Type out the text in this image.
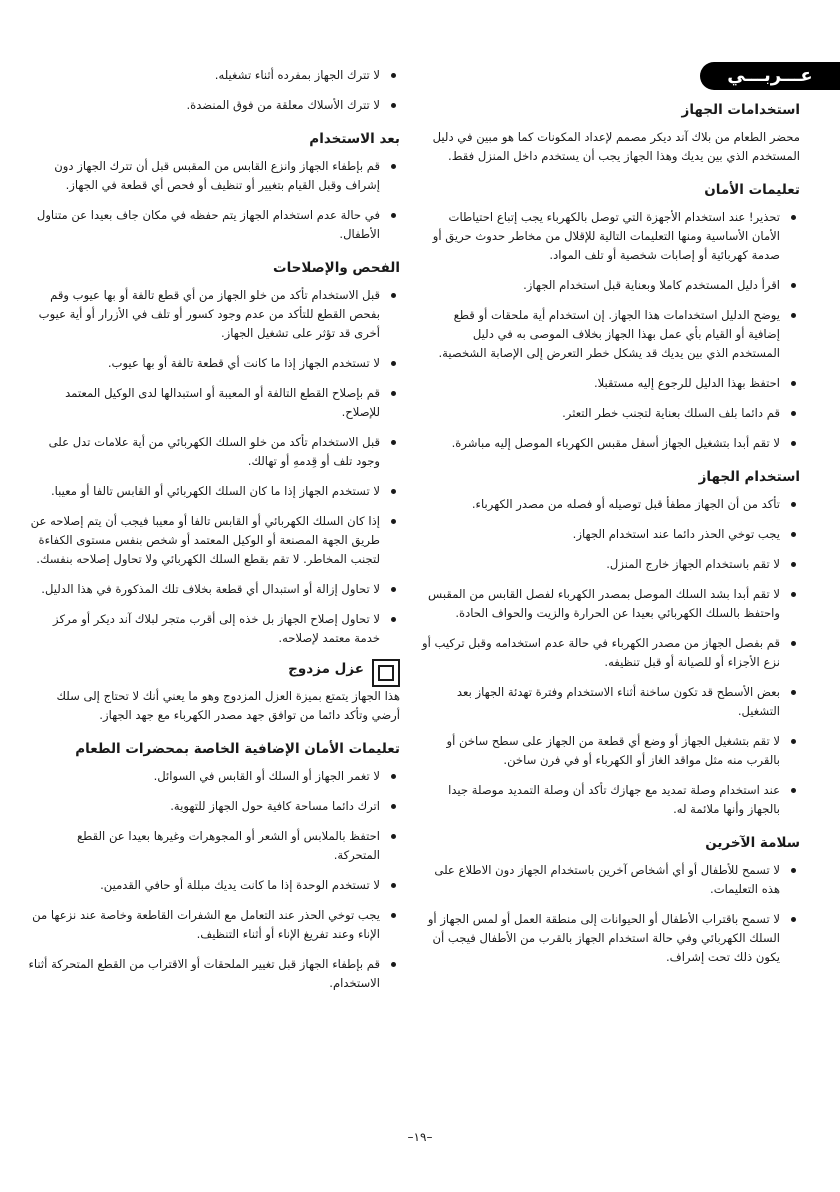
عـــربـــي
استخدامات الجهاز

محضر الطعام من بلاك آند ديكر مصمم لإعداد المكونات كما هو مبين في دليل المستخدم الذي بين يديك وهذا الجهاز يجب أن يستخدم داخل المنزل فقط.

تعليمات الأمان
تحذير! عند استخدام الأجهزة التي توصل بالكهرباء يجب إتباع احتياطات الأمان الأساسية ومنها التعليمات التالية للإقلال من مخاطر حدوث حريق أو صدمة كهربائية أو إصابات شخصية أو تلف المواد.
اقرأ دليل المستخدم كاملا وبعناية قبل استخدام الجهاز.
يوضح الدليل استخدامات هذا الجهاز. إن استخدام أية ملحقات أو قطع إضافية أو القيام بأي عمل بهذا الجهاز بخلاف الموصى به في دليل المستخدم الذي بين يديك قد يشكل خطر التعرض إلى الإصابة الشخصية.
احتفظ بهذا الدليل للرجوع إليه مستقبلا.
قم دائما بلف السلك بعناية لتجنب خطر التعثر.
لا تقم أبدا بتشغيل الجهاز أسفل مقبس الكهرباء الموصل إليه مباشرة.
استخدام الجهاز
تأكد من أن الجهاز مطفأ قبل توصيله أو فصله من مصدر الكهرباء.
يجب توخي الحذر دائما عند استخدام الجهاز.
لا تقم باستخدام الجهاز خارج المنزل.
لا تقم أبدا بشد السلك الموصل بمصدر الكهرباء لفصل القابس من المقبس واحتفظ بالسلك الكهربائي بعيدا عن الحرارة والزيت والحواف الحادة.
قم بفصل الجهاز من مصدر الكهرباء في حالة عدم استخدامه وقبل تركيب أو نزع الأجزاء أو للصيانة أو قبل تنظيفه.
بعض الأسطح قد تكون ساخنة أثناء الاستخدام وفترة تهدئة الجهاز بعد التشغيل.
لا تقم بتشغيل الجهاز أو وضع أي قطعة من الجهاز على سطح ساخن أو بالقرب منه مثل مواقد الغاز أو الكهرباء أو في فرن ساخن.
عند استخدام وصلة تمديد مع جهازك تأكد أن وصلة التمديد موصلة جيدا بالجهاز وأنها ملائمة له.
سلامة الآخرين
لا تسمح للأطفال أو أي أشخاص آخرين باستخدام الجهاز دون الاطلاع على هذه التعليمات.
لا تسمح باقتراب الأطفال أو الحيوانات إلى منطقة العمل أو لمس الجهاز أو السلك الكهربائي وفي حالة استخدام الجهاز بالقرب من الأطفال فيجب أن يكون ذلك تحت إشراف.
لا تترك الجهاز بمفرده أثناء تشغيله.
لا تترك الأسلاك معلقة من فوق المنضدة.
بعد الاستخدام
قم بإطفاء الجهاز وانزع القابس من المقبس قبل أن تترك الجهاز دون إشراف وقبل القيام بتغيير أو تنظيف أو فحص أي قطعة في الجهاز.
في حالة عدم استخدام الجهاز يتم حفظه في مكان جاف بعيدا عن متناول الأطفال.
الفحص والإصلاحات
قبل الاستخدام تأكد من خلو الجهاز من أي قطع تالفة أو بها عيوب وقم بفحص القطع للتأكد من عدم وجود كسور أو تلف في الأزرار أو أية عيوب أخرى قد تؤثر على تشغيل الجهاز.
لا تستخدم الجهاز إذا ما كانت أي قطعة تالفة أو بها عيوب.
قم بإصلاح القطع التالفة أو المعيبة أو استبدالها لدى الوكيل المعتمد للإصلاح.
قبل الاستخدام تأكد من خلو السلك الكهربائي من أية علامات تدل على وجود تلف أو قِدمهِ أو تهالك.
لا تستخدم الجهاز إذا ما كان السلك الكهربائي أو القابس تالفا أو معيبا.
إذا كان السلك الكهربائي أو القابس تالفا أو معيبا فيجب أن يتم إصلاحه عن طريق الجهة المصنعة أو الوكيل المعتمد أو شخص بنفس مستوى الكفاءة لتجنب المخاطر. لا تقم بقطع السلك الكهربائي ولا تحاول إصلاحه بنفسك.
لا تحاول إزالة أو استبدال أي قطعة بخلاف تلك المذكورة في هذا الدليل.
لا تحاول إصلاح الجهاز بل خذه إلى أقرب متجر لبلاك آند ديكر أو مركز خدمة معتمد لإصلاحه.
عزل مزدوج
هذا الجهاز يتمتع بميزة العزل المزدوج وهو ما يعني أنك لا تحتاج إلى سلك أرضي وتأكد دائما من توافق جهد مصدر الكهرباء مع جهد الجهاز.
تعليمات الأمان الإضافية الخاصة بمحضرات الطعام
لا تغمر الجهاز أو السلك أو القابس في السوائل.
اترك دائما مساحة كافية حول الجهاز للتهوية.
احتفظ بالملابس أو الشعر أو المجوهرات وغيرها بعيدا عن القطع المتحركة.
لا تستخدم الوحدة إذا ما كانت يديك مبللة أو حافي القدمين.
يجب توخي الحذر عند التعامل مع الشفرات القاطعة وخاصة عند نزعها من الإناء وعند تفريغ الإناء أو أثناء التنظيف.
قم بإطفاء الجهاز قبل تغيير الملحقات أو الاقتراب من القطع المتحركة أثناء الاستخدام.
–١٩–
